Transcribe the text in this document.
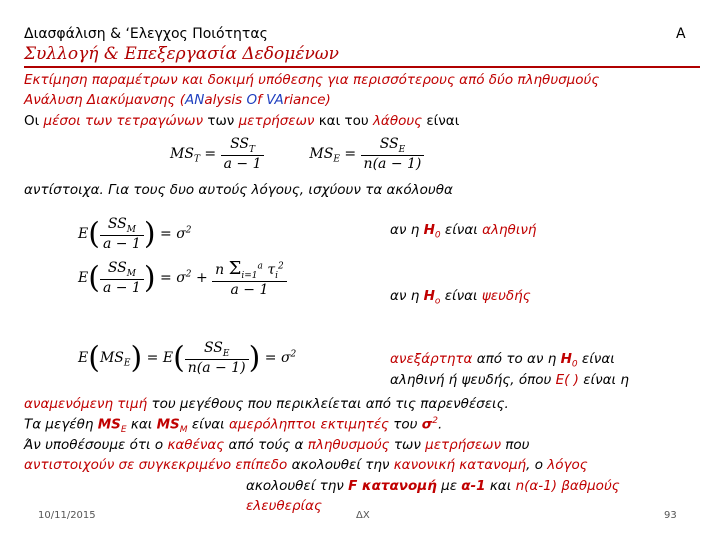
Διασφάλιση & ‘Ελεγχος Ποιότητας	A
Συλλογή & Επεξεργασία Δεδομένων
Εκτίμηση παραμέτρων και δοκιμή υπόθεσης για περισσότερους από δύο πληθυσμούς
Ανάλυση Διακύμανσης (ANalysis Of VAriance)
Οι μέσοι των τετραγώνων των μετρήσεων και του λάθους είναι
$MS_T = \frac{SS_T}{a - 1}$	$MS_E = \frac{SS_E}{n(a - 1)}$
αντίστοιχα. Για τους δυο αυτούς λόγους, ισχύουν τα ακόλουθα
$E( \frac{SS_M}{a - 1}$ ) = $\sigma^2$	αν η $H_0$ είναι αληθινή
$E( \frac{SS_M}{a - 1}$ ) = $\sigma^2 + \frac{n \Sigma_{i=1}^a \tau_i^2}{a - 1}$	αν η $H_o$ είναι ψευδής
$E(MS_E) = E( \frac{SS_E}{n(a - 1)}$ ) = $\sigma^2$	ανεξάρτητα από το αν η $H_0$ είναι
αληθινή ή ψευδής, όπου E( ) είναι η
αναμενόμενη τιμή του μεγέθους που περικλείεται από τις παρενθέσεις.
Τα μεγέθη $MS_E$ και $MS_M$ είναι αμερόληπτοι εκτιμητές του $\sigma^2$.
Άν υποθέσουμε ότι ο καθένας από τούς α πληθυσμούς των μετρήσεων που
αντιστοιχούν σε συγκεκριμένο επίπεδο ακολουθεί την κανονική κατανομή, ο λόγος
ακολουθεί την F κατανομή με α-1 και n(α-1) βαθμούς
ελευθερίας
10/11/2015	ΔΧ	93
